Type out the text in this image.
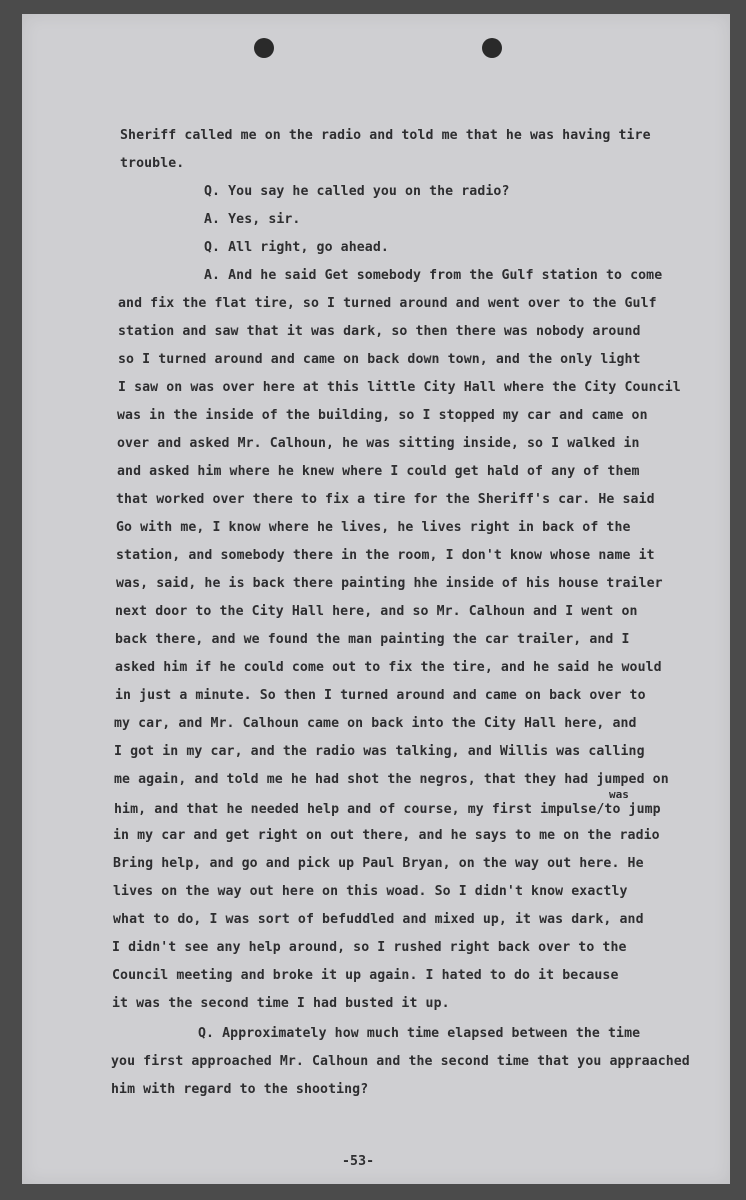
Sheriff called me on the radio and told me that he was having tire
trouble.
Q. You say he called you on the radio?
A. Yes, sir.
Q. All right, go ahead.
A. And he said Get somebody from the Gulf station to come
and fix the flat tire, so I turned around and went over to the Gulf
station and saw that it was dark, so then there was nobody around
so I turned around and came on back down town, and the only light
I saw on was over here at this little City Hall where the City Council
was in the inside of the building, so I stopped my car and came on
over and asked Mr. Calhoun, he was sitting inside, so I walked in
and asked him where he knew where I could get hald of any of them
that worked over there to fix a tire for the Sheriff's car. He said
Go with me, I know where he lives, he lives right in back of the
station, and somebody there in the room, I don't know whose name it
was, said, he is back there painting hhe inside of his house trailer
next door to the City Hall here, and so Mr. Calhoun and I went on
back there, and we found the man painting the car trailer, and I
asked him if he could come out to fix the tire, and he said he would
in just a minute. So then I turned around and came on back over to
my car, and Mr. Calhoun came on back into the City Hall here, and
I got in my car, and the radio was talking, and Willis was calling
me again, and told me he had shot the negros, that they had jumped on
was
him, and that he needed help and of course, my first impulse/to jump
in my car and get right on out there, and he says to me on the radio
Bring help, and go and pick up Paul Bryan, on the way out here. He
lives on the way out here on this woad. So I didn't know exactly
what to do, I was sort of befuddled and mixed up, it was dark, and
I didn't see any help around, so I rushed right back over to the
Council meeting and broke it up again. I hated to do it because
it was the second time I had busted it up.
Q. Approximately how much time elapsed between the time
you first approached Mr. Calhoun and the second time that you appraached
him with regard to the shooting?
-53-
